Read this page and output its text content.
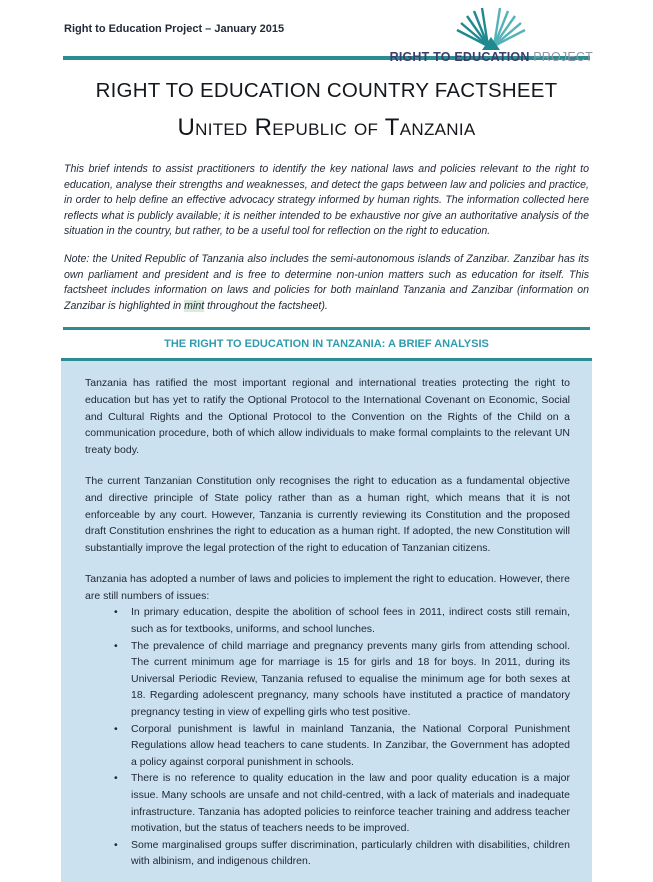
Right to Education Project – January 2015
RIGHT TO EDUCATION PROJECT
RIGHT TO EDUCATION COUNTRY FACTSHEET
United Republic of Tanzania

This brief intends to assist practitioners to identify the key national laws and policies relevant to the right to education, analyse their strengths and weaknesses, and detect the gaps between law and policies and practice, in order to help define an effective advocacy strategy informed by human rights. The information collected here reflects what is publicly available; it is neither intended to be exhaustive nor give an authoritative analysis of the situation in the country, but rather, to be a useful tool for reflection on the right to education.

Note: the United Republic of Tanzania also includes the semi-autonomous islands of Zanzibar. Zanzibar has its own parliament and president and is free to determine non-union matters such as education for itself. This factsheet includes information on laws and policies for both mainland Tanzania and Zanzibar (information on Zanzibar is highlighted in mint throughout the factsheet).

THE RIGHT TO EDUCATION IN TANZANIA: A BRIEF ANALYSIS

Tanzania has ratified the most important regional and international treaties protecting the right to education but has yet to ratify the Optional Protocol to the International Covenant on Economic, Social and Cultural Rights and the Optional Protocol to the Convention on the Rights of the Child on a communication procedure, both of which allow individuals to make formal complaints to the relevant UN treaty body.

The current Tanzanian Constitution only recognises the right to education as a fundamental objective and directive principle of State policy rather than as a human right, which means that it is not enforceable by any court. However, Tanzania is currently reviewing its Constitution and the proposed draft Constitution enshrines the right to education as a human right. If adopted, the new Constitution will substantially improve the legal protection of the right to education of Tanzanian citizens.

Tanzania has adopted a number of laws and policies to implement the right to education. However, there are still numbers of issues:

• In primary education, despite the abolition of school fees in 2011, indirect costs still remain, such as for textbooks, uniforms, and school lunches.
• The prevalence of child marriage and pregnancy prevents many girls from attending school. The current minimum age for marriage is 15 for girls and 18 for boys. In 2011, during its Universal Periodic Review, Tanzania refused to equalise the minimum age for both sexes at 18. Regarding adolescent pregnancy, many schools have instituted a practice of mandatory pregnancy testing in view of expelling girls who test positive.
• Corporal punishment is lawful in mainland Tanzania, the National Corporal Punishment Regulations allow head teachers to cane students. In Zanzibar, the Government has adopted a policy against corporal punishment in schools.
• There is no reference to quality education in the law and poor quality education is a major issue. Many schools are unsafe and not child-centred, with a lack of materials and inadequate infrastructure. Tanzania has adopted policies to reinforce teacher training and address teacher motivation, but the status of teachers needs to be improved.
• Some marginalised groups suffer discrimination, particularly children with disabilities, children with albinism, and indigenous children.
